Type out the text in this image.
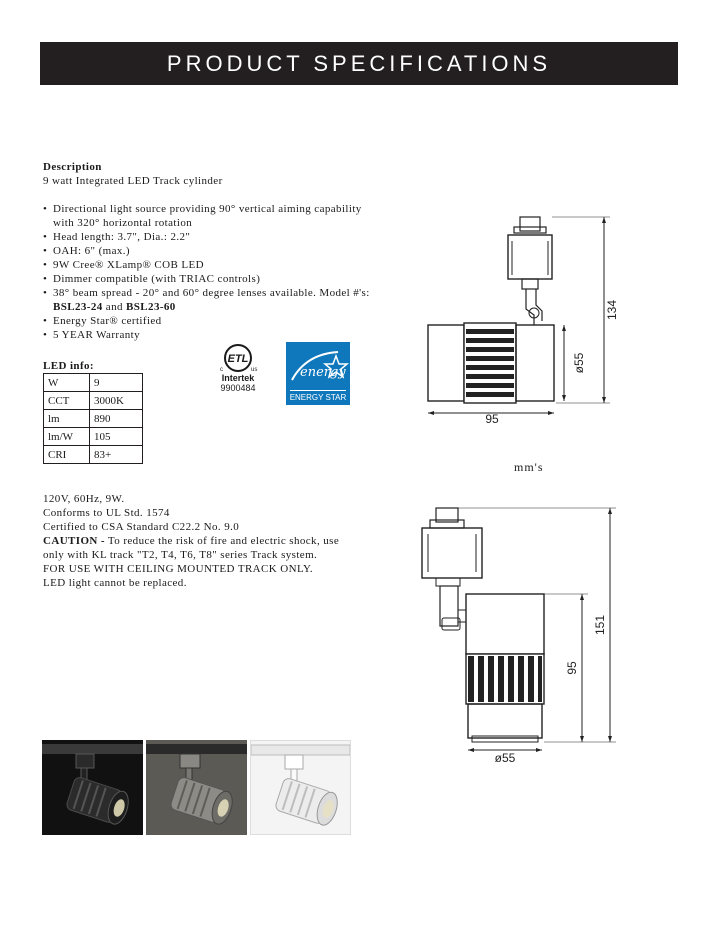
PRODUCT SPECIFICATIONS
Description
9 watt Integrated LED Track cylinder
• Directional light source providing 90° vertical aiming capability with 320° horizontal rotation
• Head length: 3.7", Dia.: 2.2"
• OAH: 6" (max.)
• 9W Cree® XLamp® COB LED
• Dimmer compatible (with TRIAC controls)
• 38° beam spread - 20° and 60° degree lenses available. Model #'s: BSL23-24 and BSL23-60
• Energy Star® certified
• 5 YEAR Warranty
LED info:
W	9
CCT	3000K
lm	890
lm/W	105
CRI	83+
ETL
c	us
Intertek
9900484
energy
ENERGY STAR

120V, 60Hz, 9W.

Conforms to UL Std. 1574

Certified to CSA Standard C22.2 No. 9.0

CAUTION - To reduce the risk of fire and electric shock, use only with KL track "T2, T4, T6, T8" series Track system.

FOR USE WITH CEILING MOUNTED TRACK ONLY.

LED light cannot be replaced.

95
134
ø55
mm's
ø55
95
151
